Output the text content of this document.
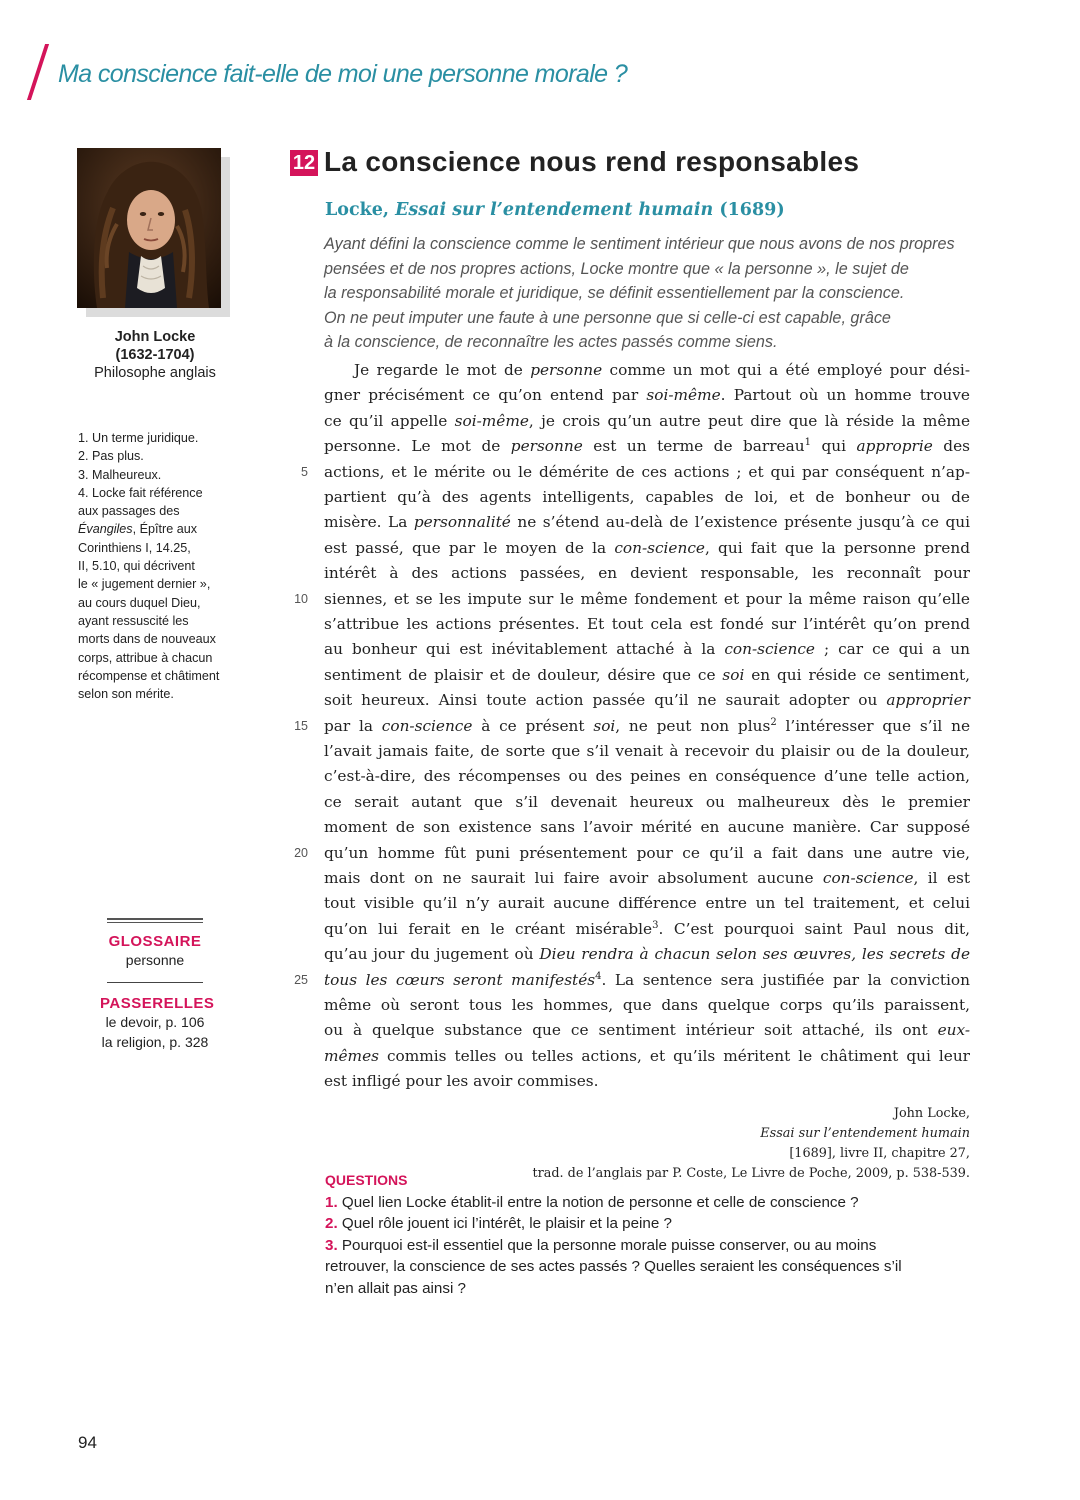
Ma conscience fait-elle de moi une personne morale ?
John Locke
(1632-1704)
Philosophe anglais
1. Un terme juridique.
2. Pas plus.
3. Malheureux.
4. Locke fait référence
aux passages des
Évangiles, Épître aux
Corinthiens I, 14.25,
II, 5.10, qui décrivent
le « jugement dernier »,
au cours duquel Dieu,
ayant ressuscité les
morts dans de nouveaux
corps, attribue à chacun
récompense et châtiment
selon son mérite.
GLOSSAIRE
personne
PASSERELLES
le devoir, p. 106
la religion, p. 328
12 La conscience nous rend responsables
Locke, Essai sur l’entendement humain (1689)
Ayant défini la conscience comme le sentiment intérieur que nous avons de nos propres
pensées et de nos propres actions, Locke montre que « la personne », le sujet de
la responsabilité morale et juridique, se définit essentiellement par la conscience.
On ne peut imputer une faute à une personne que si celle-ci est capable, grâce
à la conscience, de reconnaître les actes passés comme siens.
Je regarde le mot de personne comme un mot qui a été employé pour dési-
gner précisément ce qu’on entend par soi-même. Partout où un homme trouve
ce qu’il appelle soi-même, je crois qu’un autre peut dire que là réside la même
personne. Le mot de personne est un terme de barreau$^1$ qui approprie des
actions, et le mérite ou le démérite de ces actions ; et qui par conséquent n’ap-
partient qu’à des agents intelligents, capables de loi, et de bonheur ou de
misère. La personnalité ne s’étend au-delà de l’existence présente jusqu’à ce qui
est passé, que par le moyen de la con-science, qui fait que la personne prend
intérêt à des actions passées, en devient responsable, les reconnaît pour
siennes, et se les impute sur le même fondement et pour la même raison qu’elle
s’attribue les actions présentes. Et tout cela est fondé sur l’intérêt qu’on prend
au bonheur qui est inévitablement attaché à la con-science ; car ce qui a un
sentiment de plaisir et de douleur, désire que ce soi en qui réside ce sentiment,
soit heureux. Ainsi toute action passée qu’il ne saurait adopter ou approprier
par la con-science à ce présent soi, ne peut non plus$^2$ l’intéresser que s’il ne
l’avait jamais faite, de sorte que s’il venait à recevoir du plaisir ou de la douleur,
c’est-à-dire, des récompenses ou des peines en conséquence d’une telle action,
ce serait autant que s’il devenait heureux ou malheureux dès le premier
moment de son existence sans l’avoir mérité en aucune manière. Car supposé
qu’un homme fût puni présentement pour ce qu’il a fait dans une autre vie,
mais dont on ne saurait lui faire avoir absolument aucune con-science, il est
tout visible qu’il n’y aurait aucune différence entre un tel traitement, et celui
qu’on lui ferait en le créant misérable$^3$. C’est pourquoi saint Paul nous dit,
qu’au jour du jugement où Dieu rendra à chacun selon ses œuvres, les secrets de
tous les cœurs seront manifestés$^4$. La sentence sera justifiée par la conviction
même où seront tous les hommes, que dans quelque corps qu’ils paraissent,
ou à quelque substance que ce sentiment intérieur soit attaché, ils ont eux-
mêmes commis telles ou telles actions, et qu’ils méritent le châtiment qui leur
est infligé pour les avoir commises.
5
10
15
20
25
John Locke,
Essai sur l’entendement humain
[1689], livre II, chapitre 27,
trad. de l’anglais par P. Coste, Le Livre de Poche, 2009, p. 538-539.
QUESTIONS
1. Quel lien Locke établit-il entre la notion de personne et celle de conscience ?
2. Quel rôle jouent ici l’intérêt, le plaisir et la peine ?
3. Pourquoi est-il essentiel que la personne morale puisse conserver, ou au moins
retrouver, la conscience de ses actes passés ? Quelles seraient les conséquences s’il
n’en allait pas ainsi ?
94
